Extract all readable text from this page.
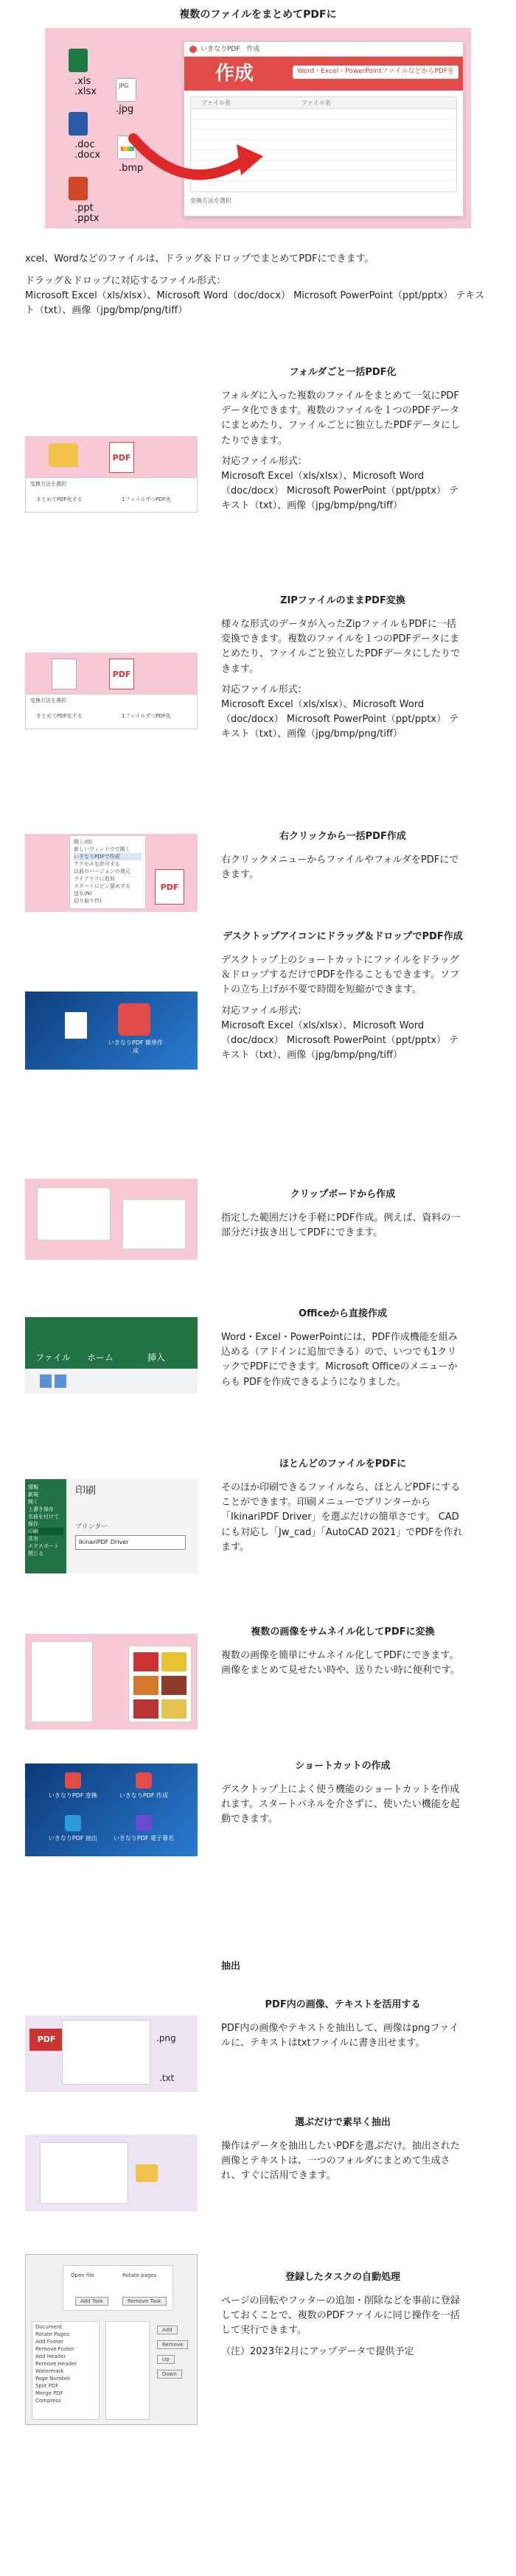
複数のファイルをまとめてPDFに
.xls
.xlsx
JPG
.jpg
.doc
.docx
.bmp
.ppt
.pptx
いきなりPDF　作成
作成	Word・Excel・PowerPointファイルなどからPDFを
ファイル名	ファイル名
変換方法を選択

xcel、Wordなどのファイルは、ドラッグ＆ドロップでまとめてPDFにできます。

ドラッグ＆ドロップに対応するファイル形式：
Microsoft Excel（xls/xlsx）、Microsoft Word（doc/docx） Microsoft PowerPoint（ppt/pptx） テキスト（txt）、画像（jpg/bmp/png/tiff）

PDF
変換方法を選択
まとめてPDF化する	1ファイルずつPDF化
フォルダごと一括PDF化

フォルダに入った複数のファイルをまとめて一気にPDFデータ化できます。複数のファイルを１つのPDFデータにまとめたり、ファイルごとに独立したPDFデータにしたりできます。

対応ファイル形式：
Microsoft Excel（xls/xlsx）、Microsoft Word（doc/docx） Microsoft PowerPoint（ppt/pptx） テキスト（txt）、画像（jpg/bmp/png/tiff）

PDF
変換方法を選択
まとめてPDF化する	1ファイルずつPDF化
ZIPファイルのままPDF変換

様々な形式のデータが入ったZipファイルもPDFに一括変換できます。複数のファイルを１つのPDFデータにまとめたり、ファイルごと独立したPDFデータにしたりできます。

対応ファイル形式：
Microsoft Excel（xls/xlsx）、Microsoft Word（doc/docx） Microsoft PowerPoint（ppt/pptx） テキスト（txt）、画像（jpg/bmp/png/tiff）

開く(O)
新しいウィンドウで開く
いきなりPDFで作成
アクセスを許可する
以前のバージョンの復元
ライブラリに追加
スタートにピン留めする
送る(N)
切り取り(T)
PDF
右クリックから一括PDF作成
右クリックメニューからファイルやフォルダをPDFにできます。
いきなりPDF 簡単作成
デスクトップアイコンにドラッグ＆ドロップでPDF作成

デスクトップ上のショートカットにファイルをドラッグ＆ドロップするだけでPDFを作ることもできます。ソフトの立ち上げが不要で時間を短縮ができます。

対応ファイル形式：
Microsoft Excel（xls/xlsx）、Microsoft Word（doc/docx） Microsoft PowerPoint（ppt/pptx） テキスト（txt）、画像（jpg/bmp/png/tiff）

クリップボードから作成
指定した範囲だけを手軽にPDF作成。例えば、資料の一部分だけ抜き出してPDFにできます。
ファイル ホーム	挿入
Officeから直接作成
Word・Excel・PowerPointには、PDF作成機能を組み込める（アドインに追加できる）ので、いつでも1クリックでPDFにできます。Microsoft Officeのメニューからも PDFを作成できるようになりました。
情報
新規
開く
上書き保存
名前を付けて保存
印刷
共有
エクスポート
閉じる
印刷
プリンター
IkinariPDF Driver
ほとんどのファイルをPDFに
そのほか印刷できるファイルなら、ほとんどPDFにすることができます。印刷メニューでプリンターから「IkinariPDF Driver」を選ぶだけの簡単さです。 CADにも対応し「Jw_cad」「AutoCAD 2021」でPDFを作れます。
複数の画像をサムネイル化してPDFに変換
複数の画像を簡単にサムネイル化してPDFにできます。 画像をまとめて見せたい時や、送りたい時に便利です。
いきなりPDF 変換	いきなりPDF 作成
いきなりPDF 抽出	いきなりPDF 電子署名
ショートカットの作成
デスクトップ上によく使う機能のショートカットを作成れます。スタートパネルを介さずに、使いたい機能を起動できます。
抽出
PDF	.png
.txt
PDF内の画像、テキストを活用する
PDF内の画像やテキストを抽出して、画像はpngファイルに、テキストはtxtファイルに書き出せます。
選ぶだけで素早く抽出
操作はデータを抽出したいPDFを選ぶだけ。抽出された画像とテキストは、一つのフォルダにまとめて生成され、すぐに活用できます。
Open file	Rotate pages
Add Task	Remove Task
Document
Rotate Pages
Add Footer
Remove Footer
Add Header
Remove Header
Watermark
Page Number
Split PDF
Merge PDF
Compress
Add
Remove
Up
Down
登録したタスクの自動処理

ページの回転やフッターの追加・削除などを事前に登録しておくことで、複数のPDFファイルに同じ操作を一括して実行できます。

（注）2023年2月にアップデータで提供予定
